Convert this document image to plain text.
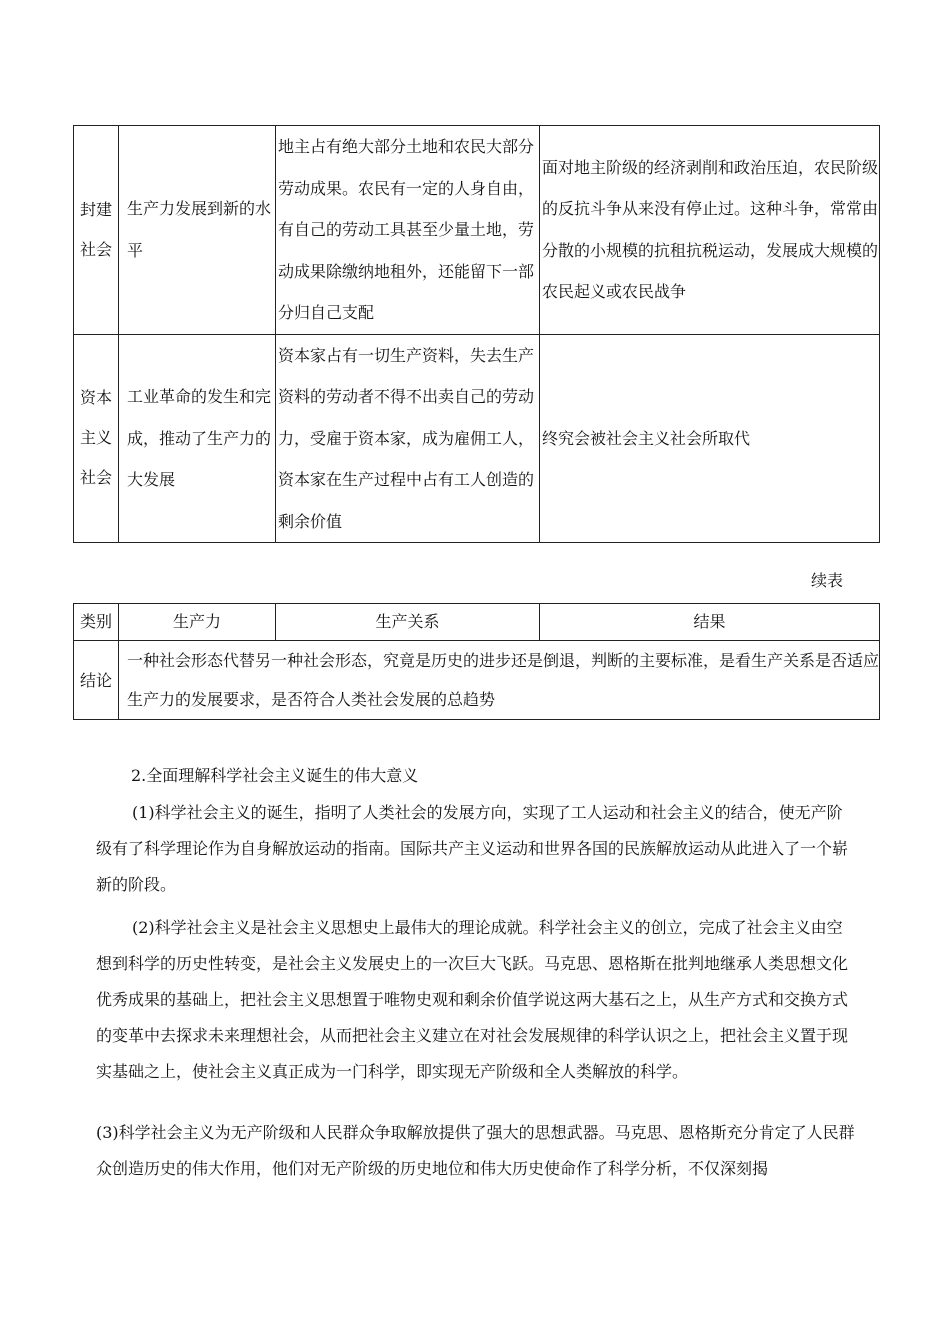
封建社会	生产力发展到新的水平	地主占有绝大部分土地和农民大部分劳动成果。农民有一定的人身自由，有自己的劳动工具甚至少量土地，劳动成果除缴纳地租外，还能留下一部分归自己支配	面对地主阶级的经济剥削和政治压迫，农民阶级的反抗斗争从来没有停止过。这种斗争，常常由分散的小规模的抗租抗税运动，发展成大规模的农民起义或农民战争

资本主义社会	工业革命的发生和完成，推动了生产力的大发展	资本家占有一切生产资料，失去生产资料的劳动者不得不出卖自己的劳动力，受雇于资本家，成为雇佣工人，资本家在生产过程中占有工人创造的剩余价值	终究会被社会主义社会所取代
续表
类别	生产力	生产关系	结果
结论	一种社会形态代替另一种社会形态，究竟是历史的进步还是倒退，判断的主要标准，是看生产关系是否适应生产力的发展要求，是否符合人类社会发展的总趋势		
2.全面理解科学社会主义诞生的伟大意义
(1)科学社会主义的诞生，指明了人类社会的发展方向，实现了工人运动和社会主义的结合，使无产阶级有了科学理论作为自身解放运动的指南。国际共产主义运动和世界各国的民族解放运动从此进入了一个崭新的阶段。
(2)科学社会主义是社会主义思想史上最伟大的理论成就。科学社会主义的创立，完成了社会主义由空想到科学的历史性转变，是社会主义发展史上的一次巨大飞跃。马克思、恩格斯在批判地继承人类思想文化优秀成果的基础上，把社会主义思想置于唯物史观和剩余价值学说这两大基石之上，从生产方式和交换方式的变革中去探求未来理想社会，从而把社会主义建立在对社会发展规律的科学认识之上，把社会主义置于现实基础之上，使社会主义真正成为一门科学，即实现无产阶级和全人类解放的科学。
(3)科学社会主义为无产阶级和人民群众争取解放提供了强大的思想武器。马克思、恩格斯充分肯定了人民群众创造历史的伟大作用，他们对无产阶级的历史地位和伟大历史使命作了科学分析，不仅深刻揭
